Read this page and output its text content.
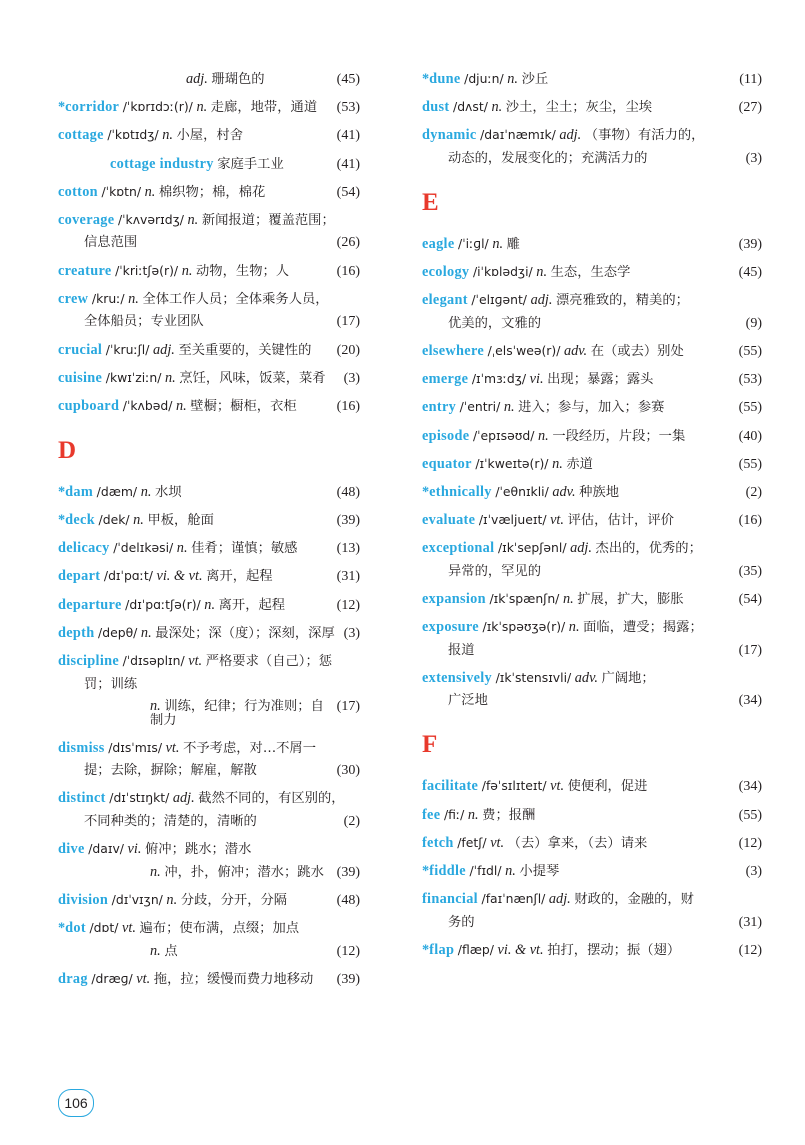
adj. 珊瑚色的	(45)
*corridor /ˈkɒrɪdɔː(r)/ n. 走廊，地带，通道	(53)
cottage /ˈkɒtɪdʒ/ n. 小屋，村舍	(41)
cottage industry 家庭手工业	(41)
cotton /ˈkɒtn/ n. 棉织物；棉，棉花	(54)
coverage /ˈkʌvərɪdʒ/ n. 新闻报道；覆盖范围；

信息范围	(26)
creature /ˈkriːtʃə(r)/ n. 动物，生物；人	(16)
crew /kruː/ n. 全体工作人员；全体乘务人员，

全体船员；专业团队	(17)
crucial /ˈkruːʃl/ adj. 至关重要的，关键性的	(20)
cuisine /kwɪˈziːn/ n. 烹饪，风味，饭菜，菜肴	(3)
cupboard /ˈkʌbəd/ n. 壁橱；橱柜，衣柜	(16)
D
*dam /dæm/ n. 水坝	(48)
*deck /dek/ n. 甲板，舱面	(39)
delicacy /ˈdelɪkəsi/ n. 佳肴；谨慎；敏感	(13)
depart /dɪˈpɑːt/ vi. & vt. 离开，起程	(31)
departure /dɪˈpɑːtʃə(r)/ n. 离开，起程	(12)
depth /depθ/ n. 最深处；深（度）；深刻，深厚 (3)
discipline /ˈdɪsəplɪn/ vt. 严格要求（自己）；惩

罚；训练

n. 训练，纪律；行为准则；自制力
(17)
dismiss /dɪsˈmɪs/ vt. 不予考虑，对…不屑一

提；去除，摒除；解雇，解散	(30)
distinct /dɪˈstɪŋkt/ adj. 截然不同的，有区别的，

不同种类的；清楚的，清晰的	(2)
dive /daɪv/ vi. 俯冲；跳水；潜水

n. 冲，扑，俯冲；潜水；跳水 (39)
division /dɪˈvɪʒn/ n. 分歧，分开，分隔	(48)
*dot /dɒt/ vt. 遍布；使布满，点缀；加点

n. 点	(12)
drag /dræɡ/ vt. 拖，拉；缓慢而费力地移动	(39)
*dune /djuːn/ n. 沙丘	(11)
dust /dʌst/ n. 沙土，尘土；灰尘，尘埃	(27)
dynamic /daɪˈnæmɪk/ adj. （事物）有活力的，

动态的，发展变化的；充满活力的	(3)
E
eagle /ˈiːɡl/ n. 雕	(39)
ecology /iˈkɒlədʒi/ n. 生态，生态学	(45)
elegant /ˈelɪɡənt/ adj. 漂亮雅致的，精美的；

优美的，文雅的	(9)
elsewhere /ˌelsˈweə(r)/ adv. 在（或去）别处	(55)
emerge /ɪˈmɜːdʒ/ vi. 出现；暴露；露头	(53)
entry /ˈentri/ n. 进入；参与，加入；参赛	(55)
episode /ˈepɪsəʊd/ n. 一段经历，片段；一集	(40)
equator /ɪˈkweɪtə(r)/ n. 赤道	(55)
*ethnically /ˈeθnɪkli/ adv. 种族地	(2)
evaluate /ɪˈvæljueɪt/ vt. 评估，估计，评价	(16)
exceptional /ɪkˈsepʃənl/ adj. 杰出的，优秀的；

异常的，罕见的	(35)
expansion /ɪkˈspænʃn/ n. 扩展，扩大，膨胀	(54)
exposure /ɪkˈspəʊʒə(r)/ n. 面临，遭受；揭露；

报道	(17)
extensively /ɪkˈstensɪvli/ adv. 广阔地；

广泛地	(34)
F
facilitate /fəˈsɪlɪteɪt/ vt. 使便利，促进	(34)
fee /fiː/ n. 费；报酬	(55)
fetch /fetʃ/ vt. （去）拿来，（去）请来	(12)
*fiddle /ˈfɪdl/ n. 小提琴	(3)
financial /faɪˈnænʃl/ adj. 财政的，金融的，财

务的	(31)
*flap /flæp/ vi. & vt. 拍打，摆动；振（翅）	(12)
106
